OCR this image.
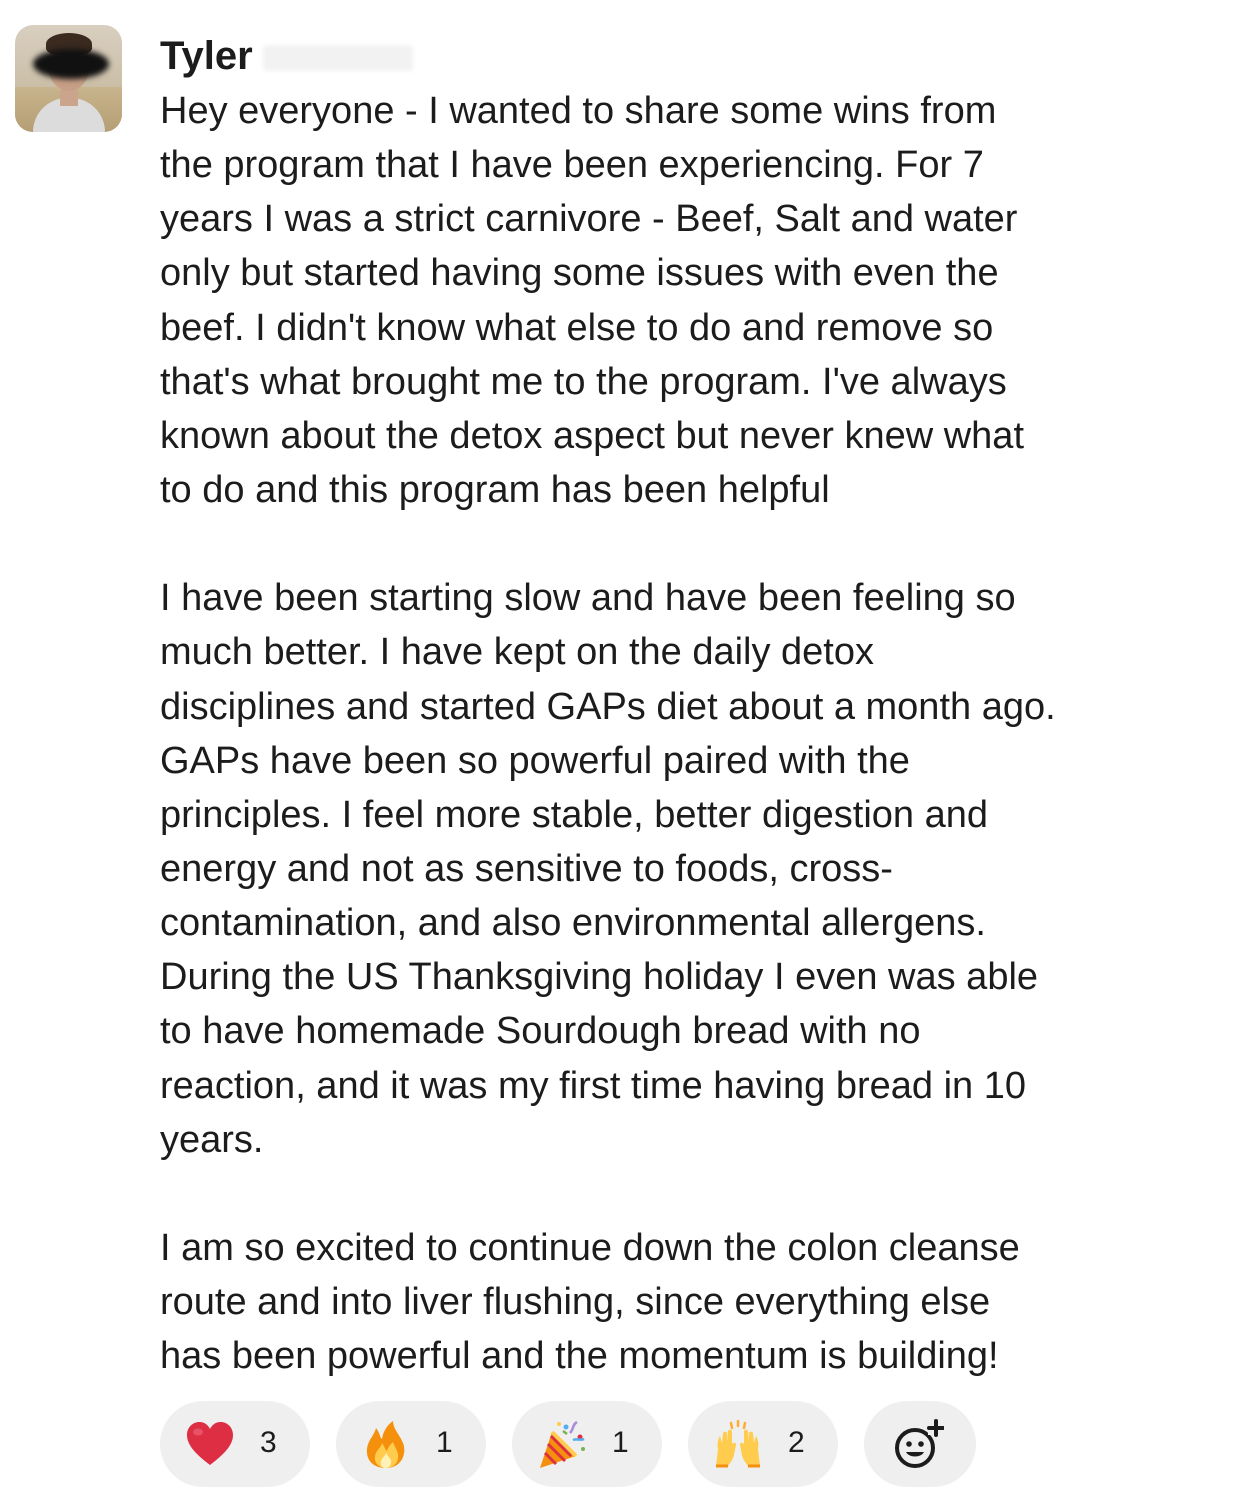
Tyler
Hey everyone - I wanted to share some wins from
the program that I have been experiencing. For 7
years I was a strict carnivore - Beef, Salt and water
only but started having some issues with even the
beef. I didn't know what else to do and remove so
that's what brought me to the program. I've always
known about the detox aspect but never knew what
to do and this program has been helpful
I have been starting slow and have been feeling so
much better. I have kept on the daily detox
disciplines and started GAPs diet about a month ago.
GAPs have been so powerful paired with the
principles. I feel more stable, better digestion and
energy and not as sensitive to foods, cross-
contamination, and also environmental allergens.
During the US Thanksgiving holiday I even was able
to have homemade Sourdough bread with no
reaction, and it was my first time having bread in 10
years.
I am so excited to continue down the colon cleanse
route and into liver flushing, since everything else
has been powerful and the momentum is building!
3	1	1	2
